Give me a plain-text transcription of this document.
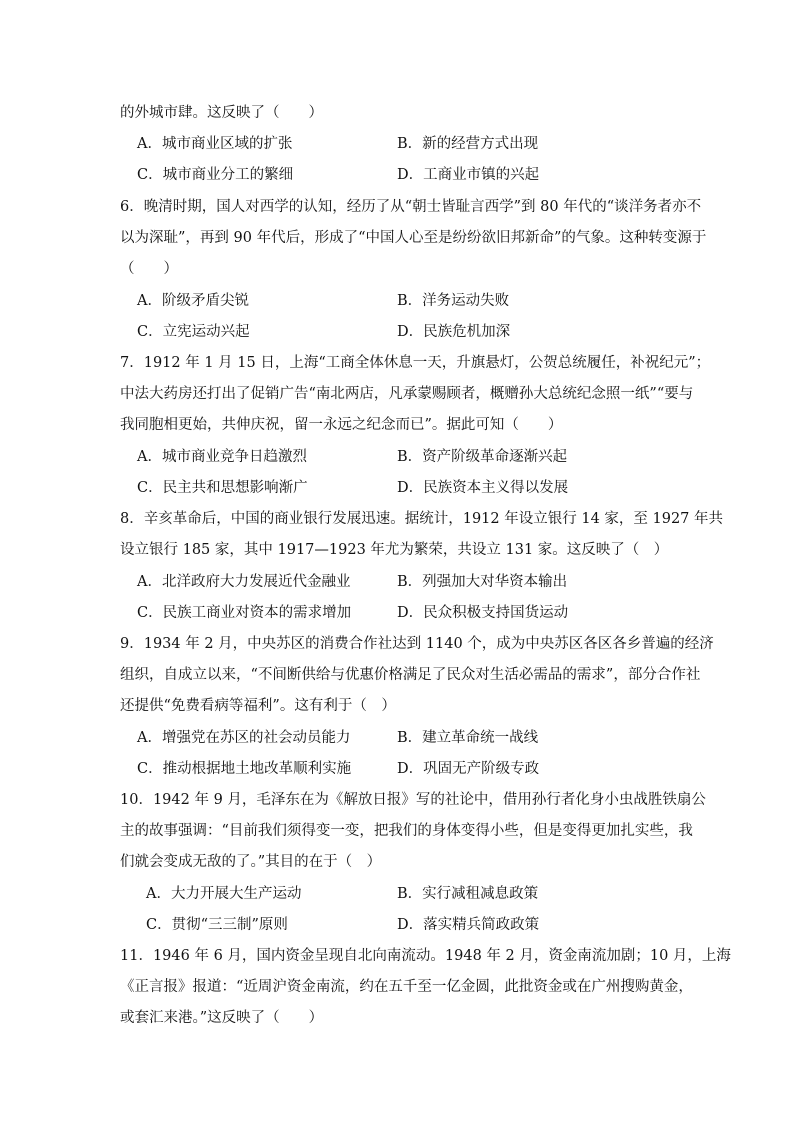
的外城市肆。这反映了（　　）
A．城市商业区域的扩张	B．新的经营方式出现
C．城市商业分工的繁细	D．工商业市镇的兴起
6．晚清时期，国人对西学的认知，经历了从“朝士皆耻言西学”到 80 年代的“谈洋务者亦不
以为深耻”，再到 90 年代后，形成了“中国人心至是纷纷欲旧邦新命”的气象。这种转变源于
（　　）
A．阶级矛盾尖锐	B．洋务运动失败
C．立宪运动兴起	D．民族危机加深
7．1912 年 1 月 15 日，上海“工商全体休息一天，升旗悬灯，公贺总统履任，补祝纪元”；
中法大药房还打出了促销广告“南北两店，凡承蒙赐顾者，概赠孙大总统纪念照一纸”“要与
我同胞相更始，共伸庆祝，留一永远之纪念而已”。据此可知（　　）
A．城市商业竞争日趋激烈	B．资产阶级革命逐渐兴起
C．民主共和思想影响渐广	D．民族资本主义得以发展
8．辛亥革命后，中国的商业银行发展迅速。据统计，1912 年设立银行 14 家，至 1927 年共
设立银行 185 家，其中 1917—1923 年尤为繁荣，共设立 131 家。这反映了（　）
A．北洋政府大力发展近代金融业	B．列强加大对华资本输出
C．民族工商业对资本的需求增加	D．民众积极支持国货运动
9．1934 年 2 月，中央苏区的消费合作社达到 1140 个，成为中央苏区各区各乡普遍的经济
组织，自成立以来，“不间断供给与优惠价格满足了民众对生活必需品的需求”，部分合作社
还提供“免费看病等福利”。这有利于（　）
A．增强党在苏区的社会动员能力	B．建立革命统一战线
C．推动根据地土地改革顺利实施	D．巩固无产阶级专政
10．1942 年 9 月，毛泽东在为《解放日报》写的社论中，借用孙行者化身小虫战胜铁扇公
主的故事强调：“目前我们须得变一变，把我们的身体变得小些，但是变得更加扎实些，我
们就会变成无敌的了。”其目的在于（　）
A．大力开展大生产运动	B．实行减租减息政策
C．贯彻“三三制”原则	D．落实精兵简政政策
11．1946 年 6 月，国内资金呈现自北向南流动。1948 年 2 月，资金南流加剧；10 月，上海
《正言报》报道：“近周沪资金南流，约在五千至一亿金圆，此批资金或在广州搜购黄金，
或套汇来港。”这反映了（　　）
